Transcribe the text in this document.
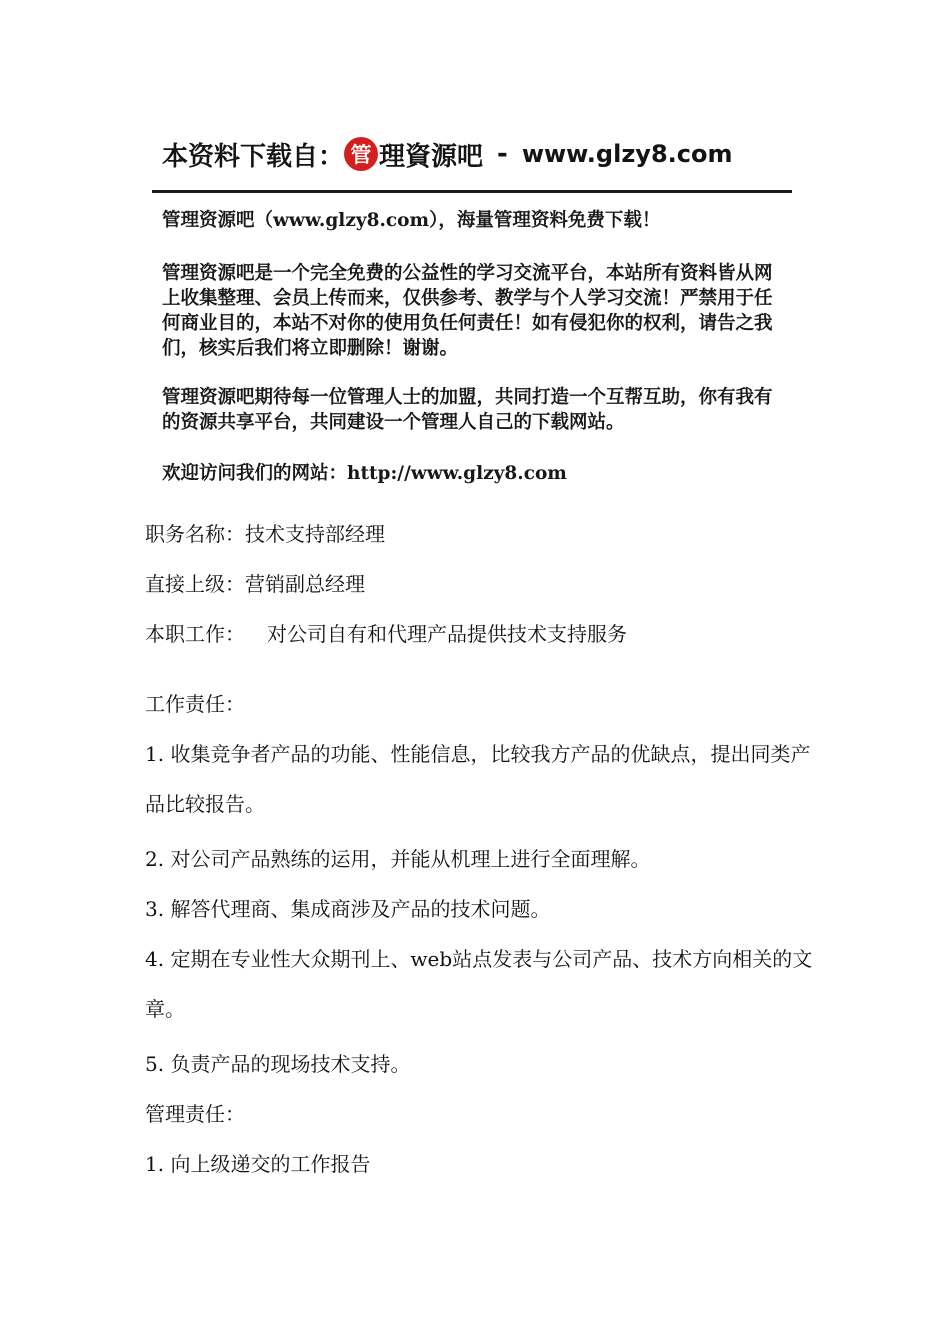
本资料下载自： 管 理資源吧 - www.glzy8.com

管理资源吧（www.glzy8.com），海量管理资料免费下载！

管理资源吧是一个完全免费的公益性的学习交流平台，本站所有资料皆从网上收集整理、会员上传而来，仅供参考、教学与个人学习交流！严禁用于任何商业目的，本站不对你的使用负任何责任！如有侵犯你的权利，请告之我们，核实后我们将立即删除！谢谢。

管理资源吧期待每一位管理人士的加盟，共同打造一个互帮互助，你有我有的资源共享平台，共同建设一个管理人自己的下载网站。

欢迎访问我们的网站：http://www.glzy8.com

职务名称：技术支持部经理

直接上级：营销副总经理

本职工作： 对公司自有和代理产品提供技术支持服务

工作责任：

1. 收集竞争者产品的功能、性能信息，比较我方产品的优缺点，提出同类产品比较报告。

2. 对公司产品熟练的运用，并能从机理上进行全面理解。

3. 解答代理商、集成商涉及产品的技术问题。

4. 定期在专业性大众期刊上、web站点发表与公司产品、技术方向相关的文章。

5. 负责产品的现场技术支持。

管理责任：

1. 向上级递交的工作报告
